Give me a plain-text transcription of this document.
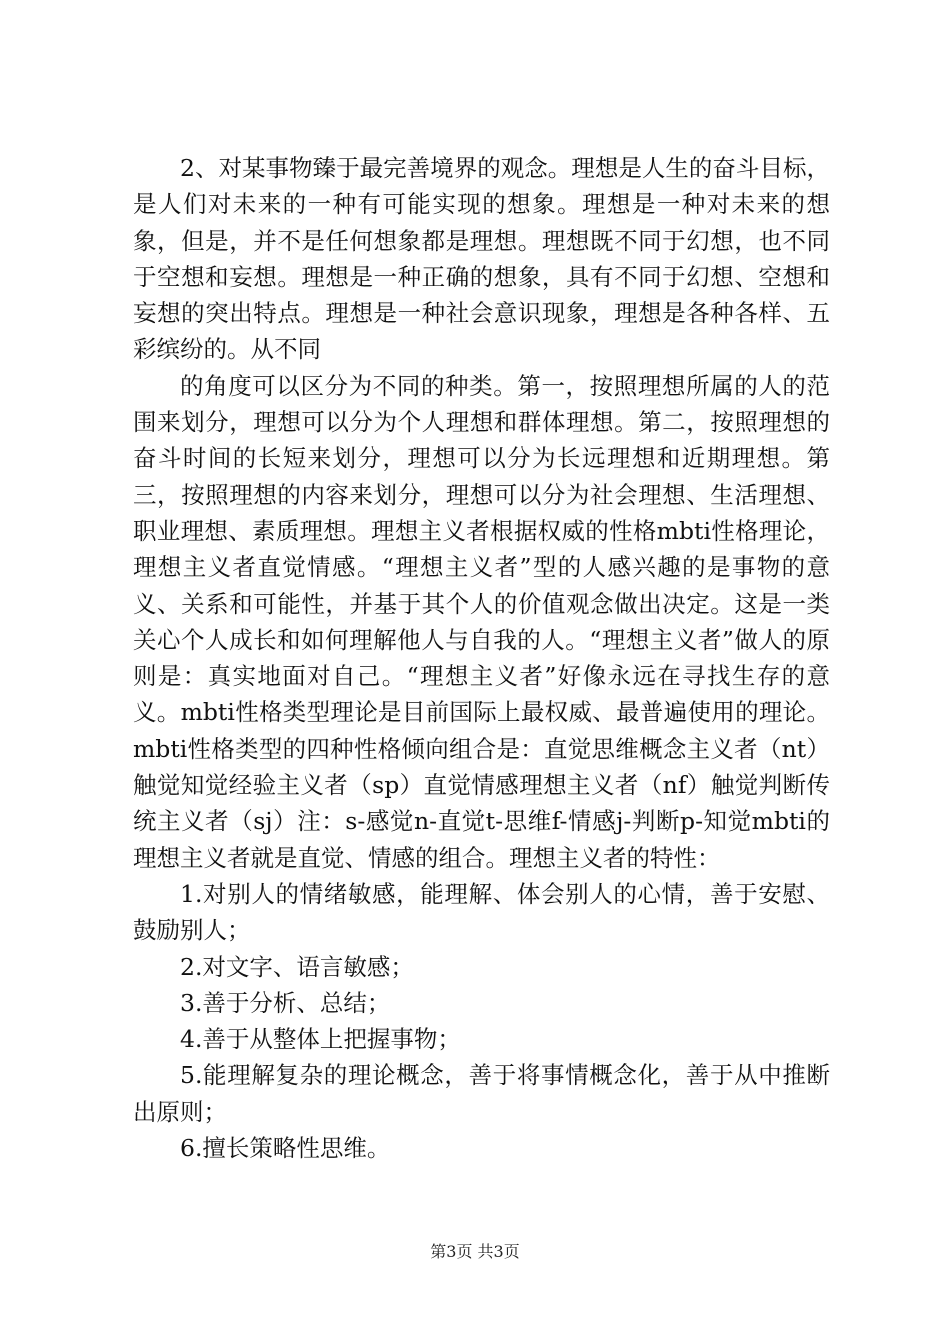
2、对某事物臻于最完善境界的观念。理想是人生的奋斗目标，是人们对未来的一种有可能实现的想象。理想是一种对未来的想象，但是，并不是任何想象都是理想。理想既不同于幻想，也不同于空想和妄想。理想是一种正确的想象，具有不同于幻想、空想和妄想的突出特点。理想是一种社会意识现象，理想是各种各样、五彩缤纷的。从不同

的角度可以区分为不同的种类。第一，按照理想所属的人的范围来划分，理想可以分为个人理想和群体理想。第二，按照理想的奋斗时间的长短来划分，理想可以分为长远理想和近期理想。第三，按照理想的内容来划分，理想可以分为社会理想、生活理想、职业理想、素质理想。理想主义者根据权威的性格mbti性格理论，理想主义者直觉情感。“理想主义者”型的人感兴趣的是事物的意义、关系和可能性，并基于其个人的价值观念做出决定。这是一类关心个人成长和如何理解他人与自我的人。“理想主义者”做人的原则是：真实地面对自己。“理想主义者”好像永远在寻找生存的意义。mbti性格类型理论是目前国际上最权威、最普遍使用的理论。mbti性格类型的四种性格倾向组合是：直觉思维概念主义者（nt）触觉知觉经验主义者（sp）直觉情感理想主义者（nf）触觉判断传统主义者（sj）注：s-感觉n-直觉t-思维f-情感j-判断p-知觉mbti的理想主义者就是直觉、情感的组合。理想主义者的特性：

1.对别人的情绪敏感，能理解、体会别人的心情，善于安慰、鼓励别人；
2.对文字、语言敏感；
3.善于分析、总结；
4.善于从整体上把握事物；
5.能理解复杂的理论概念，善于将事情概念化，善于从中推断出原则；
6.擅长策略性思维。
第3页 共3页
